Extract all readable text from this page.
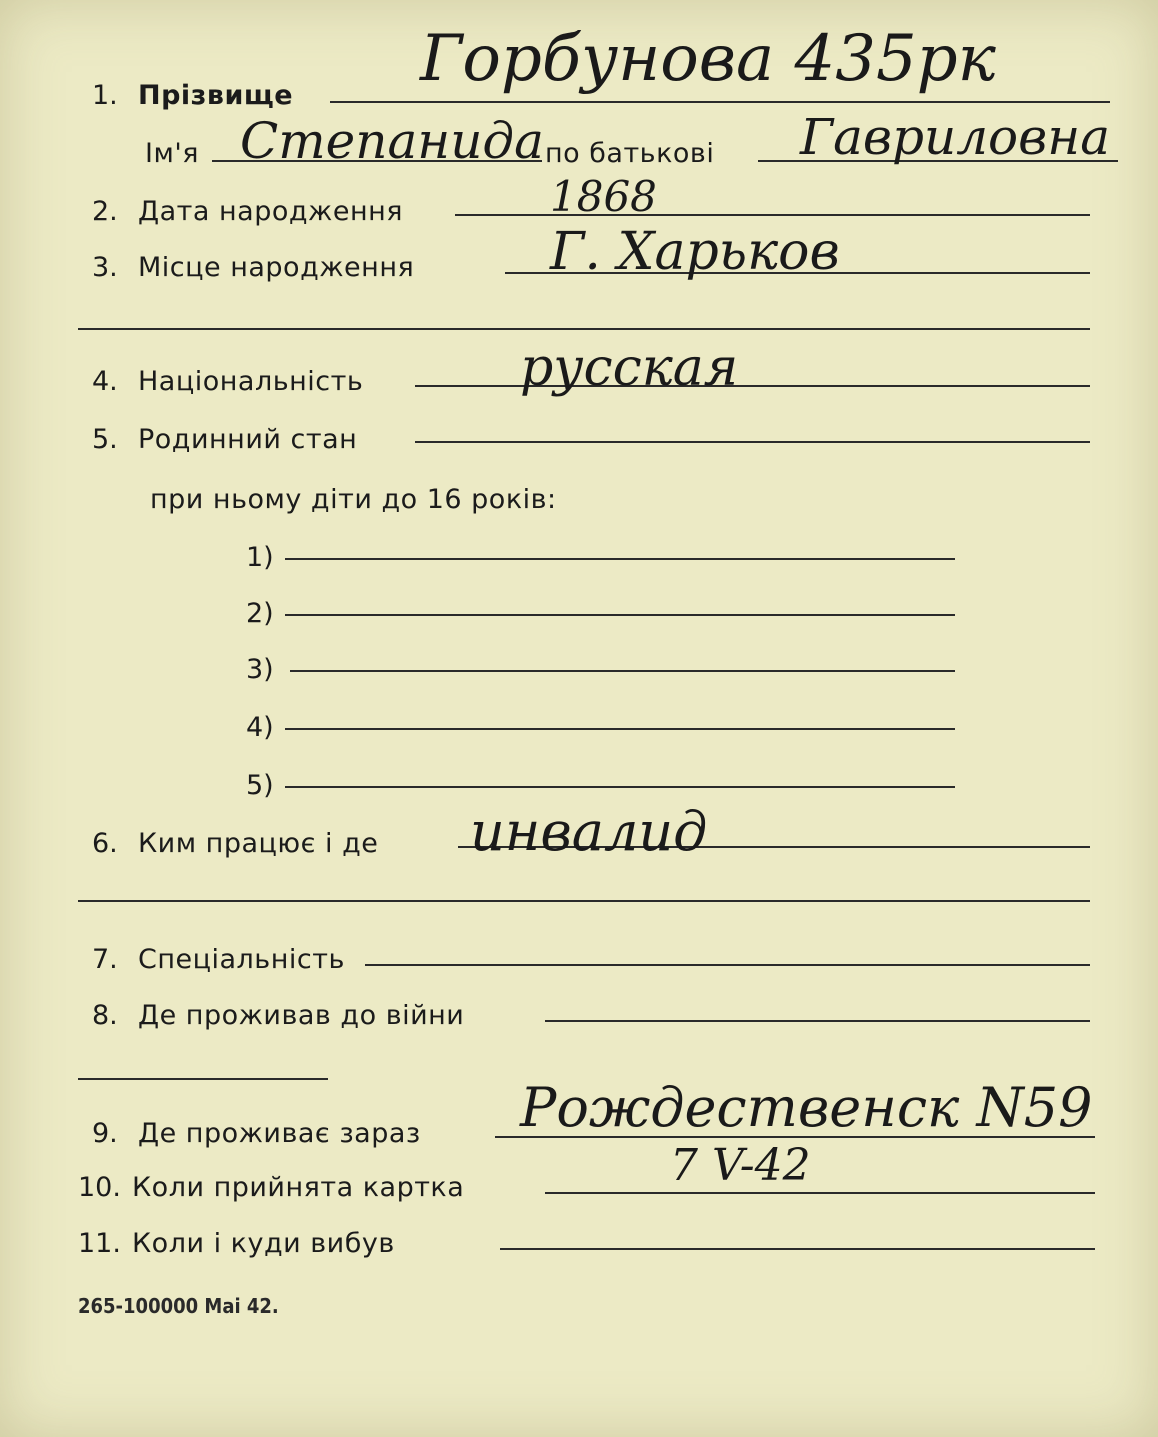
1. Прізвище Горбунова 435рк
Ім'я Степанида по батькові Гавриловна
2. Дата народження	1868
3. Місце народження	Г. Харьков
4. Національність	русская
5. Родинний стан
при ньому діти до 16 років:
1)
2)
3)
4)
5)
6. Ким працює і де инвалид
7. Спеціальність
8. Де проживав до війни
9. Де проживає зараз Рождественск N59
10. Коли прийнята картка	7 V-42
11. Коли і куди вибув
265-100000 Mai 42.
